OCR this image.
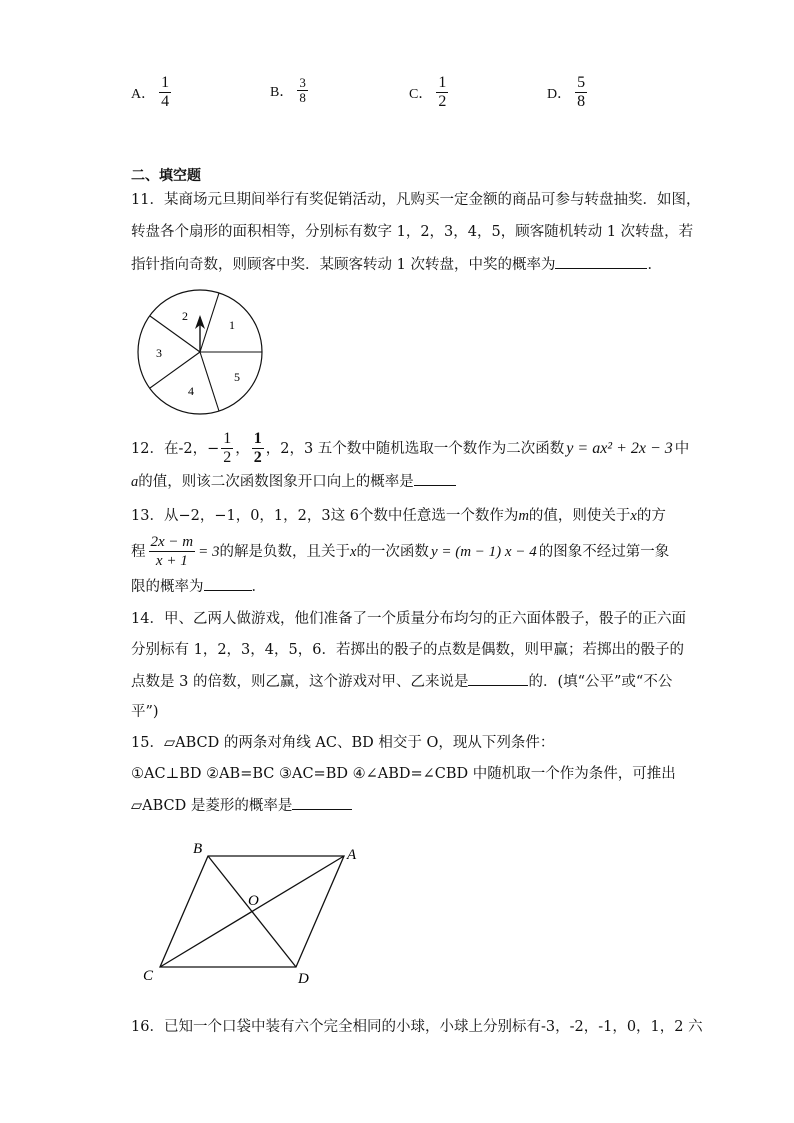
A． $\frac{1}{4}$	B． $\frac{3}{8}$	C． $\frac{1}{2}$	D． $\frac{5}{8}$
二、填空题
11．某商场元旦期间举行有奖促销活动，凡购买一定金额的商品可参与转盘抽奖．如图，
转盘各个扇形的面积相等，分别标有数字 1，2，3，4，5，顾客随机转动 1 次转盘，若
指针指向奇数，则顾客中奖．某顾客转动 1 次转盘，中奖的概率为	．
1
2
3
4
5
12．在-2，− $\frac{1}{2}$ ， $\frac{1}{2}$ ，2，3 五个数中随机选取一个数作为二次函数 y = ax² + 2x − 3 中
a的值，则该二次函数图象开口向上的概率是
13．从−2，−1，0，1，2，3这 6个数中任意选一个数作为m的值，则使关于x的方
程 $\frac{2x - m}{x + 1} = 3$ 的解是负数，且关于 x 的一次函数 y = (m − 1) x − 4 的图象不经过第一象
限的概率为	．
14．甲、乙两人做游戏，他们准备了一个质量分布均匀的正六面体骰子，骰子的正六面
分别标有 1，2，3，4，5，6．若掷出的骰子的点数是偶数，则甲赢；若掷出的骰子的
点数是 3 的倍数，则乙赢，这个游戏对甲、乙来说是	的．(填“公平”或“不公
平”)
15．▱ABCD 的两条对角线 AC、BD 相交于 O，现从下列条件：
①AC⊥BD ②AB=BC ③AC=BD ④∠ABD=∠CBD 中随机取一个作为条件，可推出
▱ABCD 是菱形的概率是
B	A
O
C	D
16．已知一个口袋中装有六个完全相同的小球，小球上分别标有-3，-2，-1，0，1，2 六
